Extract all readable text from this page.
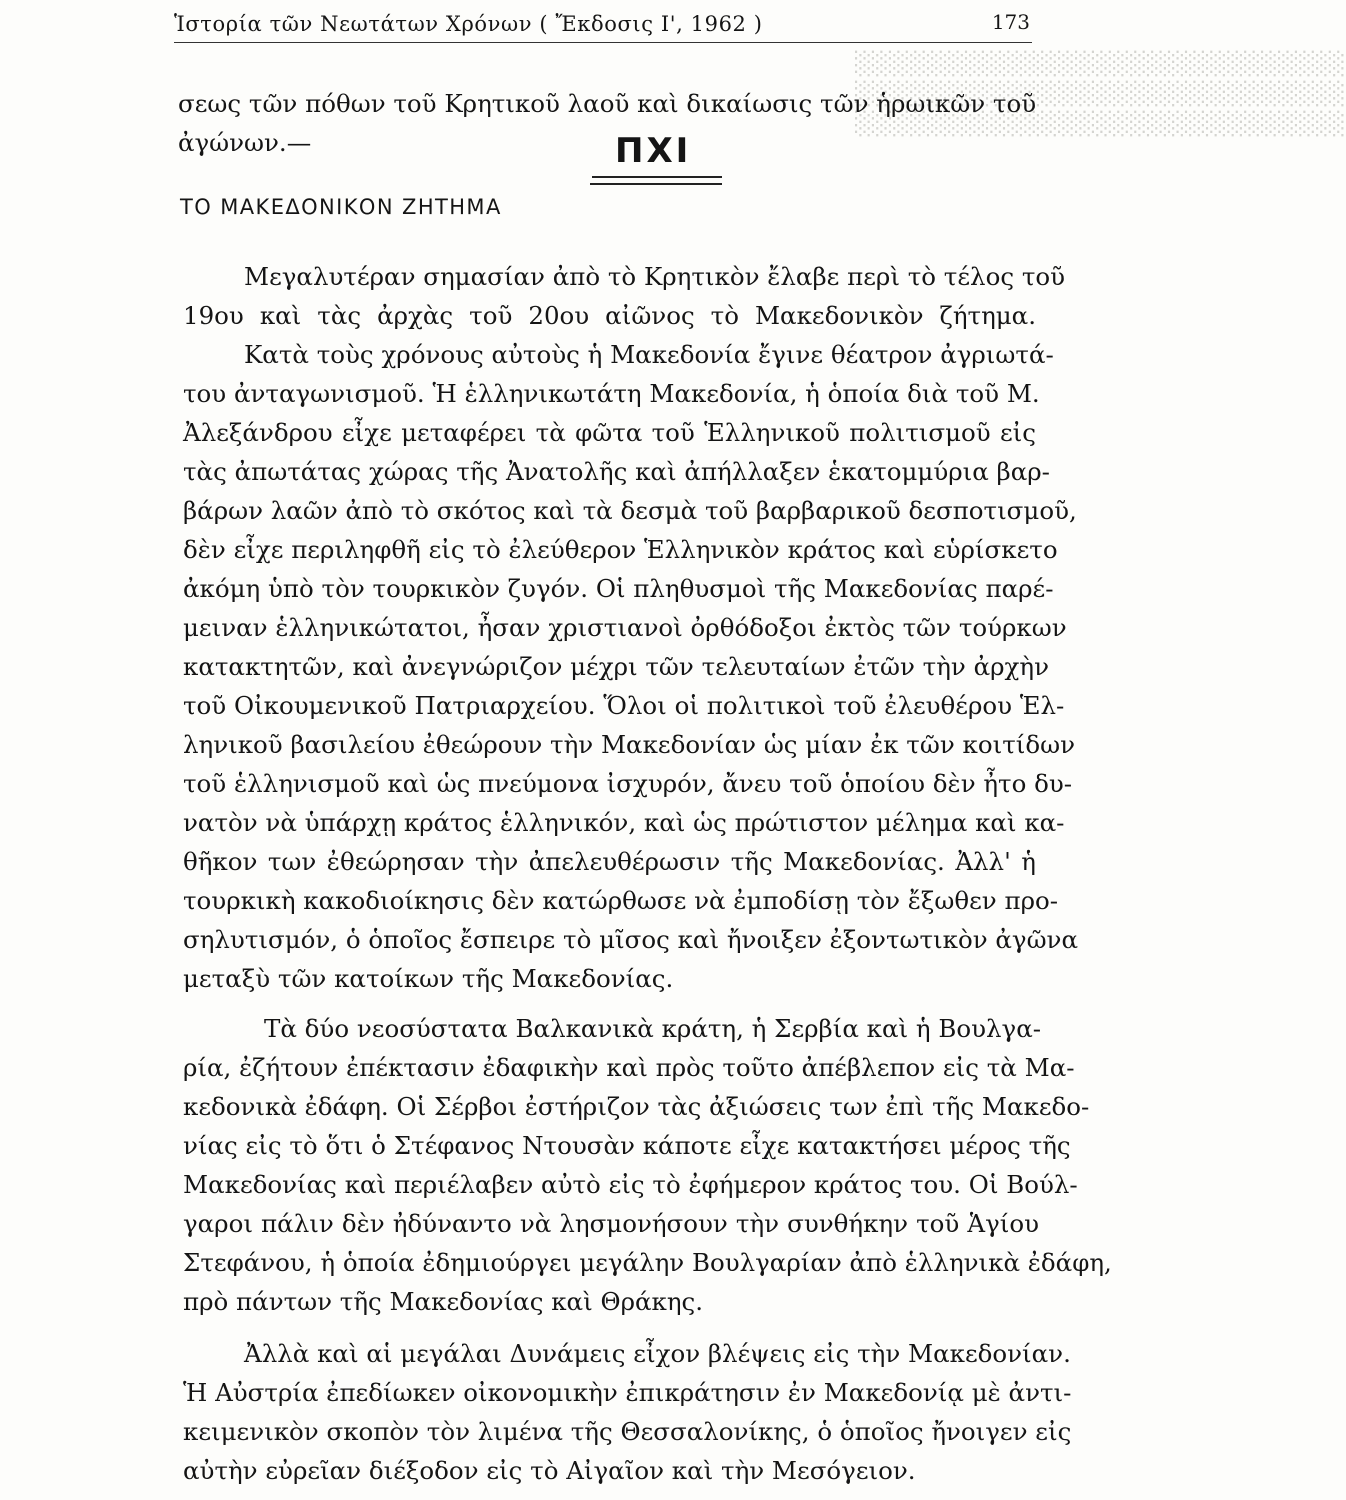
Ἱστορία τῶν Νεωτάτων Χρόνων ( Ἔκδοσις Ι', 1962 )	173
░░░░░░░░░░░░░░░░░░░░░░░░░░░░░
░░░░░░░░░░░░░░░░░░░░░░░░░░░░░
░░░░░░░░░░░░░░░░░░░░░░░░░░░░░
σεως τῶν πόθων τοῦ Κρητικοῦ λαοῦ καὶ δικαίωσις τῶν ἡρωικῶν τοῦ
ἀγώνων.—	ΠΧΙ
ΤΟ ΜΑΚΕΔΟΝΙΚΟΝ ΖΗΤΗΜΑ
Μεγαλυτέραν σημασίαν ἀπὸ τὸ Κρητικὸν ἔλαβε περὶ τὸ τέλος τοῦ
19ου καὶ τὰς ἀρχὰς τοῦ 20ου αἰῶνος τὸ Μακεδονικὸν ζήτημα.
Κατὰ τοὺς χρόνους αὐτοὺς ἡ Μακεδονία ἔγινε θέατρον ἀγριωτά-
του ἀνταγωνισμοῦ. Ἡ ἑλληνικωτάτη Μακεδονία, ἡ ὁποία διὰ τοῦ Μ.
Ἀλεξάνδρου εἶχε μεταφέρει τὰ φῶτα τοῦ Ἑλληνικοῦ πολιτισμοῦ εἰς
τὰς ἀπωτάτας χώρας τῆς Ἀνατολῆς καὶ ἀπήλλαξεν ἑκατομμύρια βαρ-
βάρων λαῶν ἀπὸ τὸ σκότος καὶ τὰ δεσμὰ τοῦ βαρβαρικοῦ δεσποτισμοῦ,
δὲν εἶχε περιληφθῆ εἰς τὸ ἐλεύθερον Ἑλληνικὸν κράτος καὶ εὑρίσκετο
ἀκόμη ὑπὸ τὸν τουρκικὸν ζυγόν. Οἱ πληθυσμοὶ τῆς Μακεδονίας παρέ-
μειναν ἑλληνικώτατοι, ἦσαν χριστιανοὶ ὀρθόδοξοι ἐκτὸς τῶν τούρκων
κατακτητῶν, καὶ ἀνεγνώριζον μέχρι τῶν τελευταίων ἐτῶν τὴν ἀρχὴν
τοῦ Οἰκουμενικοῦ Πατριαρχείου. Ὅλοι οἱ πολιτικοὶ τοῦ ἐλευθέρου Ἑλ-
ληνικοῦ βασιλείου ἐθεώρουν τὴν Μακεδονίαν ὡς μίαν ἐκ τῶν κοιτίδων
τοῦ ἑλληνισμοῦ καὶ ὡς πνεύμονα ἰσχυρόν, ἄνευ τοῦ ὁποίου δὲν ἦτο δυ-
νατὸν νὰ ὑπάρχῃ κράτος ἑλληνικόν, καὶ ὡς πρώτιστον μέλημα καὶ κα-
θῆκον των ἐθεώρησαν τὴν ἀπελευθέρωσιν τῆς Μακεδονίας. Ἀλλ' ἡ
τουρκικὴ κακοδιοίκησις δὲν κατώρθωσε νὰ ἐμποδίσῃ τὸν ἔξωθεν προ-
σηλυτισμόν, ὁ ὁποῖος ἔσπειρε τὸ μῖσος καὶ ἤνοιξεν ἐξοντωτικὸν ἀγῶνα
μεταξὺ τῶν κατοίκων τῆς Μακεδονίας.
Τὰ δύο νεοσύστατα Βαλκανικὰ κράτη, ἡ Σερβία καὶ ἡ Βουλγα-
ρία, ἐζήτουν ἐπέκτασιν ἐδαφικὴν καὶ πρὸς τοῦτο ἀπέβλεπον εἰς τὰ Μα-
κεδονικὰ ἐδάφη. Οἱ Σέρβοι ἐστήριζον τὰς ἀξιώσεις των ἐπὶ τῆς Μακεδο-
νίας εἰς τὸ ὅτι ὁ Στέφανος Ντουσὰν κάποτε εἶχε κατακτήσει μέρος τῆς
Μακεδονίας καὶ περιέλαβεν αὐτὸ εἰς τὸ ἐφήμερον κράτος του. Οἱ Βούλ-
γαροι πάλιν δὲν ἠδύναντο νὰ λησμονήσουν τὴν συνθήκην τοῦ Ἁγίου
Στεφάνου, ἡ ὁποία ἐδημιούργει μεγάλην Βουλγαρίαν ἀπὸ ἑλληνικὰ ἐδάφη,
πρὸ πάντων τῆς Μακεδονίας καὶ Θράκης.
Ἀλλὰ καὶ αἱ μεγάλαι Δυνάμεις εἶχον βλέψεις εἰς τὴν Μακεδονίαν.
Ἡ Αὐστρία ἐπεδίωκεν οἰκονομικὴν ἐπικράτησιν ἐν Μακεδονίᾳ μὲ ἀντι-
κειμενικὸν σκοπὸν τὸν λιμένα τῆς Θεσσαλονίκης, ὁ ὁποῖος ἤνοιγεν εἰς
αὐτὴν εὐρεῖαν διέξοδον εἰς τὸ Αἰγαῖον καὶ τὴν Μεσόγειον.
